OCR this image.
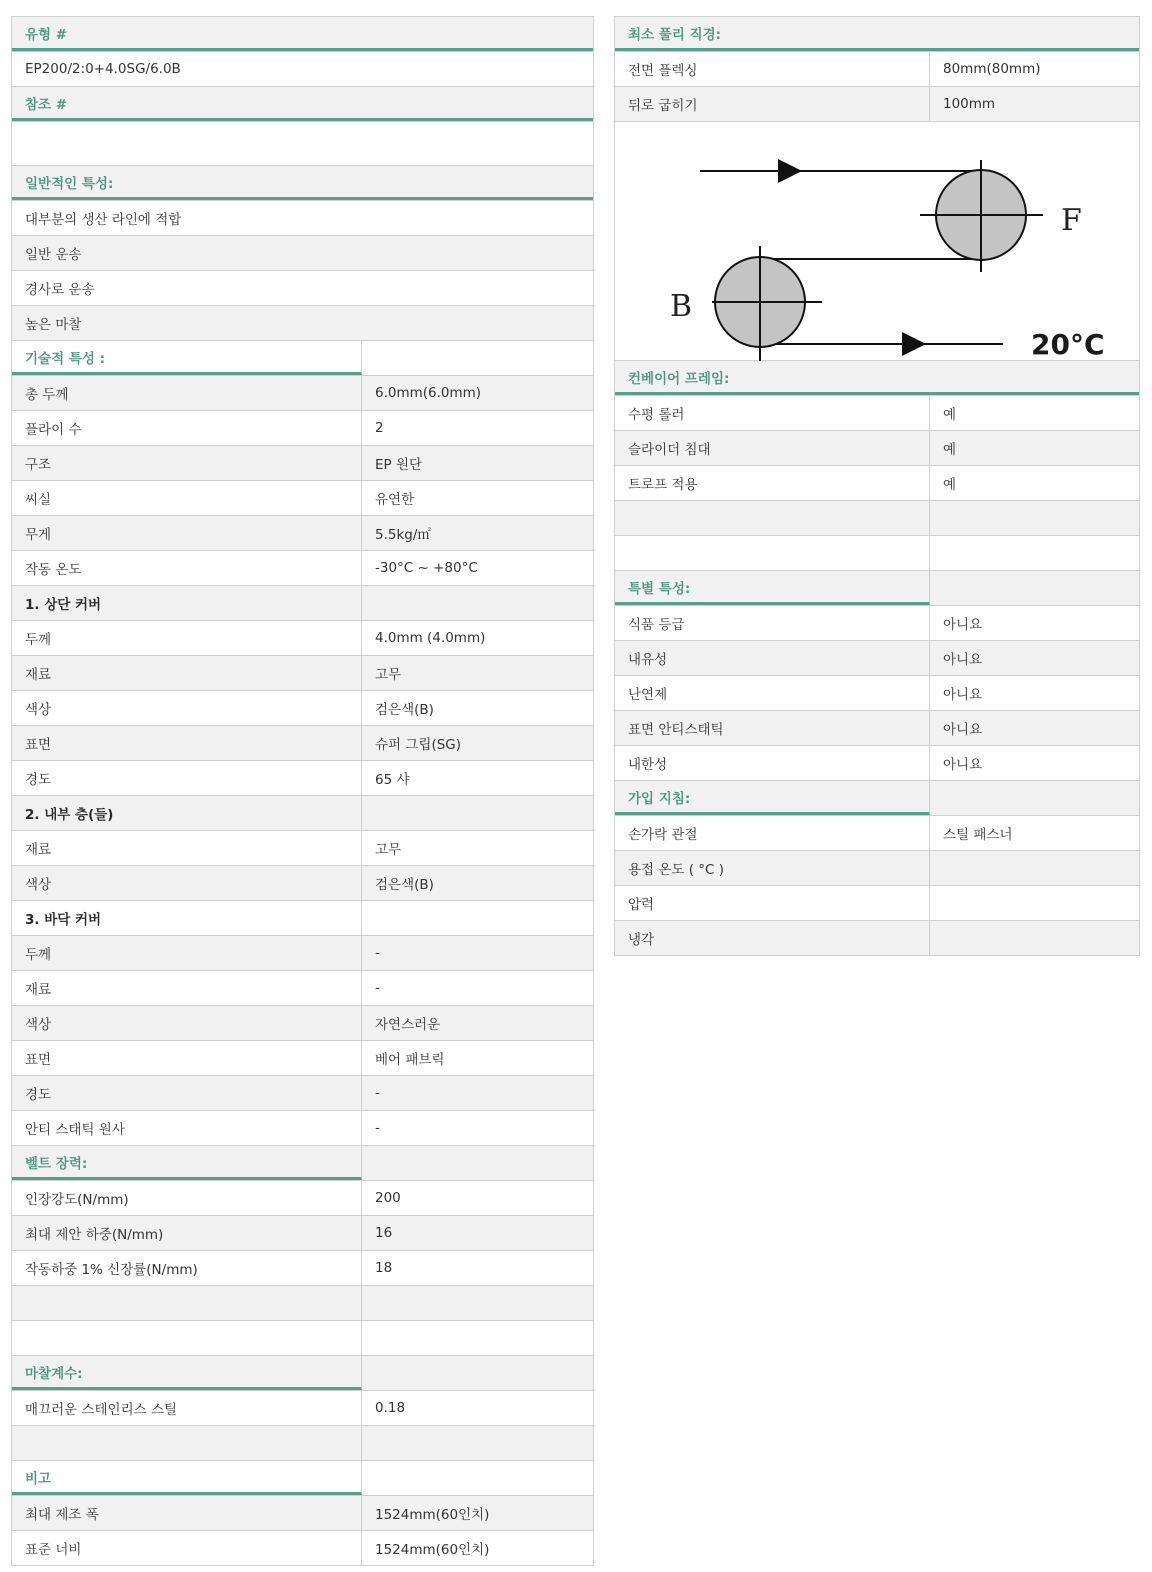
유형 #
EP200/2:0+4.0SG/6.0B
참조 #
일반적인 특성:
대부분의 생산 라인에 적합
일반 운송
경사로 운송
높은 마찰
기술적 특성 :
총 두께	6.0mm(6.0mm)
플라이 수	2
구조	EP 원단
씨실	유연한
무게	5.5kg/㎡
작동 온도	-30°C ~ +80°C
1. 상단 커버
두께	4.0mm (4.0mm)
재료	고무
색상	검은색(B)
표면	슈퍼 그립(SG)
경도	65 샤
2. 내부 층(들)
재료	고무
색상	검은색(B)
3. 바닥 커버
두께	-
재료	-
색상	자연스러운
표면	베어 패브릭
경도	-
안티 스태틱 원사	-
벨트 장력:
인장강도(N/mm)	200
최대 제안 하중(N/mm)	16
작동하중 1% 신장률(N/mm)	18
마찰계수:
매끄러운 스테인리스 스틸	0.18
비고
최대 제조 폭	1524mm(60인치)
표준 너비	1524mm(60인치)
최소 풀리 직경:
전면 플렉싱	80mm(80mm)
뒤로 굽히기	100mm
F
B
20°C
컨베이어 프레임:
수평 롤러	예
슬라이더 침대	예
트로프 적용	예
특별 특성:
식품 등급	아니요
내유성	아니요
난연제	아니요
표면 안티스태틱	아니요
내한성	아니요
가입 지침:
손가락 관절	스틸 패스너
용접 온도 ( °C )
압력
냉각
